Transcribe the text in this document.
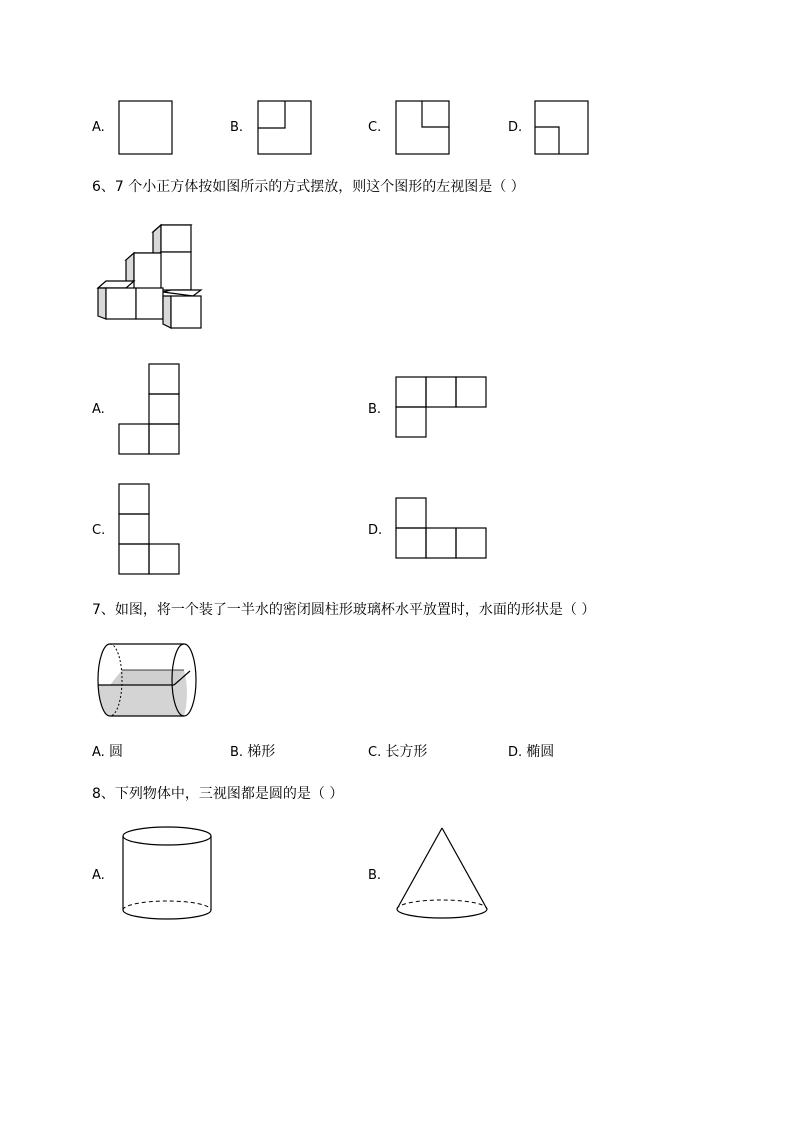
A.	B.	C.	D.
6、7 个小正方体按如图所示的方式摆放，则这个图形的左视图是（ ）
A.	B.
C.	D.
7、如图，将一个装了一半水的密闭圆柱形玻璃杯水平放置时，水面的形状是（ ）
A. 圆	B. 梯形	C. 长方形	D. 椭圆
8、下列物体中，三视图都是圆的是（ ）
A.	B.
